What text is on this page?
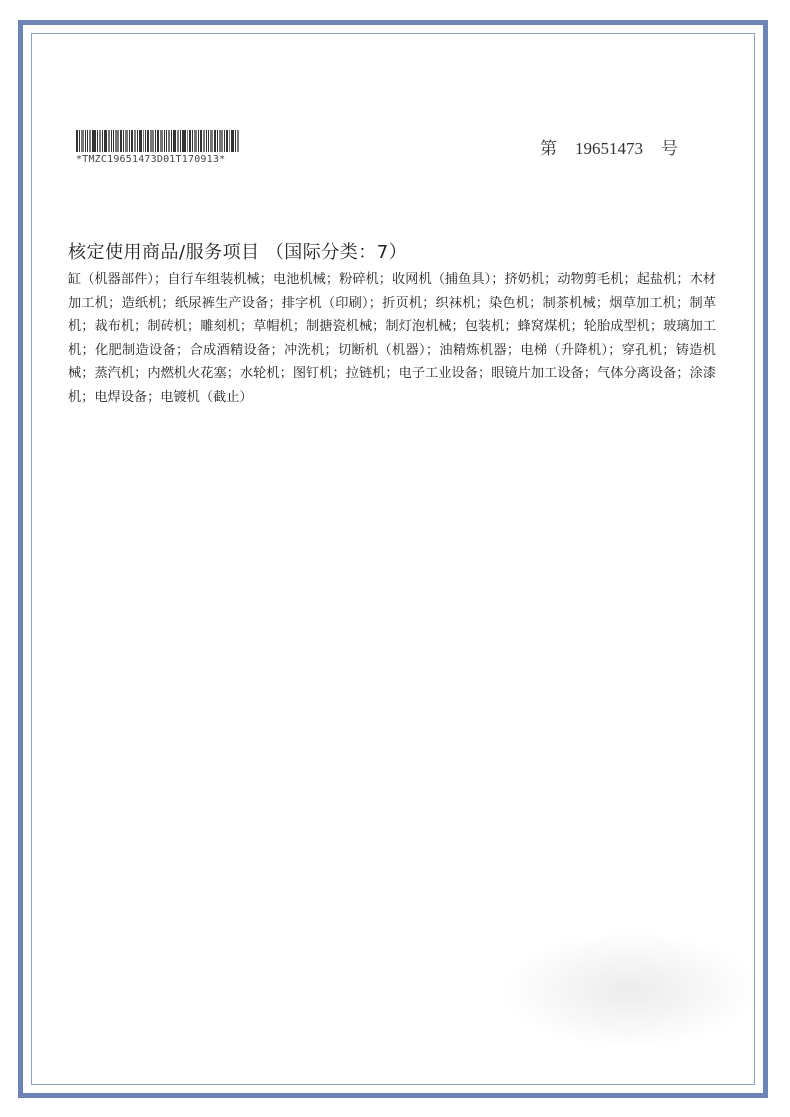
*TMZC19651473D01T170913*
第 19651473 号
核定使用商品/服务项目 （国际分类：7）
缸（机器部件）；自行车组装机械；电池机械；粉碎机；收网机（捕鱼具）；挤奶机；动物剪毛机；起盐机；木材加工机；造纸机；纸尿裤生产设备；排字机（印刷）；折页机；织袜机；染色机；制茶机械；烟草加工机；制革机；裁布机；制砖机；雕刻机；草帽机；制搪瓷机械；制灯泡机械；包装机；蜂窝煤机；轮胎成型机；玻璃加工机；化肥制造设备；合成酒精设备；冲洗机；切断机（机器）；油精炼机器；电梯（升降机）；穿孔机；铸造机械；蒸汽机；内燃机火花塞；水轮机；图钉机；拉链机；电子工业设备；眼镜片加工设备；气体分离设备；涂漆机；电焊设备；电镀机（截止）
